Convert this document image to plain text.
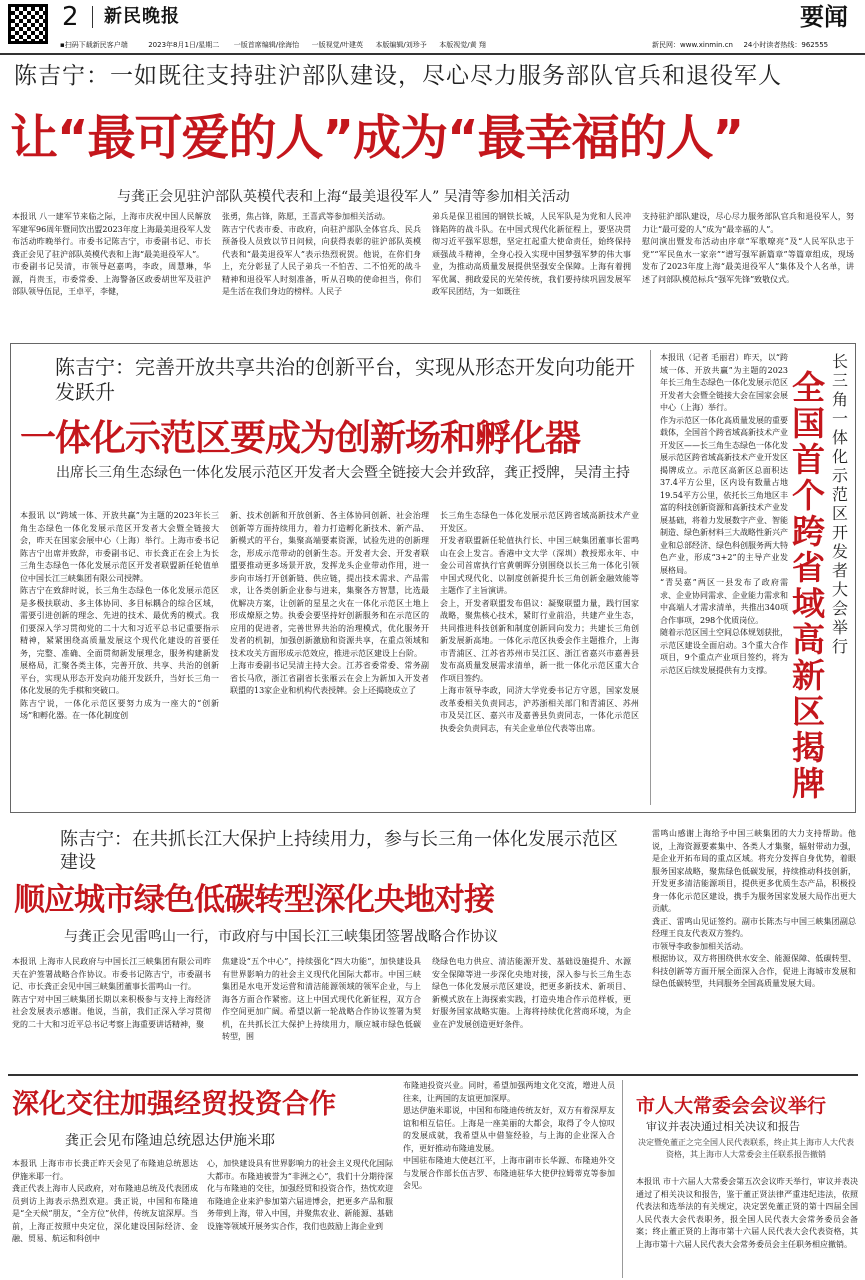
2 新民晚报	要闻
▪扫码下载新民客户端	2023年8月1日/星期二 一版首席编辑/徐海怡 一版视觉/叶建英 本版编辑/刘珍予 本版视觉/黄 翔	新民网：www.xinmin.cn 24小时读者热线：962555
陈吉宁：一如既往支持驻沪部队建设，尽心尽力服务部队官兵和退役军人
让“最可爱的人”成为“最幸福的人”
与龚正会见驻沪部队英模代表和上海“最美退役军人” 吴清等参加相关活动
本报讯 八一建军节来临之际，上海市庆祝中国人民解放军建军96周年暨同饮出盟2023年度上海最美退役军人发布活动昨晚举行。市委书记陈吉宁，市委副书记、市长龚正会见了驻沪部队英模代表和上海“最美退役军人”。
市委副书记吴清，市领导赵嘉鸣，李政，周慧琳，华源，肖贵玉，市委常委、上海警备区政委胡世军及驻沪部队领导伍昆，王卓平，李健，
张勇，焦占锋，陈愿，王喜武等参加相关活动。
陈吉宁代表市委、市政府，向驻沪部队全体官兵、民兵预备役人员致以节日问候，向获得表彰的驻沪部队英模代表和“最美退役军人”表示热烈祝贺。他说，在你们身上，充分彰显了人民子弟兵一不怕苦、二不怕死的战斗精神和退役军人时刻准备，听从召唤的使命担当，你们是生活在我们身边的榜样。人民子
弟兵是保卫祖国的钢铁长城，人民军队是为党和人民冲锋陷阵的战斗队。在中国式现代化新征程上，要坚决贯彻习近平强军思想，坚定扛起重大使命责任，始终保持顽强战斗精神，全身心投入实现中国梦强军梦的伟大事业，为推动高质量发展提供坚强安全保障。上海有着拥军优属、拥政爱民的光荣传统，我们要持续巩固发展军政军民团结，为一如既往
支持驻沪部队建设，尽心尽力服务部队官兵和退役军人，努力让“最可爱的人”成为“最幸福的人”。
慰问演出暨发布活动由序章“军歌嘹亮”及“人民军队忠于党”“军民鱼水一家亲”“谱写强军新篇章”等篇章组成，现场发布了2023年度上海“最美退役军人”集体及个人名单，讲述了问部队模范标兵“强军先锋”致敬仪式。
陈吉宁：完善开放共享共治的创新平台，实现从形态开发向功能开发跃升
一体化示范区要成为创新场和孵化器
出席长三角生态绿色一体化发展示范区开发者大会暨全链接大会并致辞，龚正授牌，吴清主持
本报讯 以“跨域一体、开放共赢”为主题的2023年长三角生态绿色一体化发展示范区开发者大会暨全链接大会，昨天在国家会展中心（上海）举行。上海市委书记陈吉宁出席并致辞，市委副书记、市长龚正在会上为长三角生态绿色一体化发展示范区开发者联盟新任轮值单位中国长江三峡集团有限公司授牌。
陈吉宁在致辞时说，长三角生态绿色一体化发展示范区是多极扶联动、多主体协同、多目标耦合的综合区域，需要引进创新的理念、先进的技术、最优秀的模式。我们要深入学习贯彻党的二十大和习近平总书记重要指示精神，紧紧围绕高质量发展这个现代化建设的首要任务，完整、准确、全面贯彻新发展理念，服务构建新发展格局，汇聚各类主体，完善开放、共享、共治的创新平台，实现从形态开发向功能开发跃升，当好长三角一体化发展的先手棋和突破口。
陈吉宁说，一体化示范区要努力成为一座大的“创新场”和孵化器。在一体化制度创
新、技术创新和开放创新、各主体协同创新、社会治理创新等方面持续用力，着力打造孵化新技术、新产品、新模式的平台，集聚高端要素资源，试验先进的创新理念，形成示范带动的创新生态。开发者大会、开发者联盟要推动更多场景开放，发挥龙头企业带动作用，进一步向市场打开创新链、供应链，提出技术需求、产品需求，让各类创新企业参与进来，集聚各方智慧，比选最优解决方案，让创新的星星之火在一体化示范区土地上形成燎原之势。执委会要坚持好创新服务和在示范区的应用的促进者，完善世界共治的治理模式，优化服务开发者的机制，加强创新激励和资源共享，在重点领域和技术攻关方面形成示范效应，推进示范区建设上台阶。
上海市委副书记吴清主持大会。江苏省委常委、常务副省长马欣，浙江省副省长张雁云在会上为新加入开发者联盟的13家企业和机构代表授牌。会上还揭晓成立了
长三角生态绿色一体化发展示范区跨省域高新技术产业开发区。
开发者联盟新任轮值执行长、中国三峡集团董事长雷鸣山在会上发言。香港中文大学（深圳）教授郑永年、中金公司首席执行官黄朝晖分别围绕以长三角一体化引领中国式现代化、以制度创新提升长三角创新金融效能等主题作了主旨演讲。
会上，开发者联盟发布倡议：凝聚联盟力量，践行国家战略，聚焦核心技术，紧盯行业前沿，共建产业生态，共同推进科技创新和制度创新同向发力；共建长三角创新发展新高地。一体化示范区执委会作主题推介，上海市青浦区、江苏省苏州市吴江区、浙江省嘉兴市嘉善县发布高质量发展需求清单，新一批一体化示范区重大合作项目签约。
上海市领导李政，同济大学党委书记方守恩，国家发展改革委相关负责同志，沪苏浙相关部门和青浦区、苏州市及吴江区、嘉兴市及嘉善县负责同志，一体化示范区执委会负责同志，有关企业单位代表等出席。
本报讯（记者 毛丽君）昨天，以“跨域一体、开放共赢”为主题的2023年长三角生态绿色一体化发展示范区开发者大会暨全链接大会在国家会展中心（上海）举行。
作为示范区一体化高质量发展的重要载体，全国首个跨省域高新技术产业开发区——长三角生态绿色一体化发展示范区跨省域高新技术产业开发区揭牌成立。示范区高新区总面积达37.4平方公里，区内设有数量占地19.54平方公里，依托长三角地区丰富的科技创新资源和高新技术产业发展基础，将着力发展数字产业、智能制造、绿色新材料三大战略性新兴产业和总部经济、绿色科创服务两大特色产业，形成“3+2”的主导产业发展格局。
“青吴嘉”两区一县发布了政府需求、企业协同需求、企业能力需求和中高端人才需求清单，共推出340项合作事项，298个优质岗位。
随着示范区国土空间总体规划获批，示范区建设全面启动。3个重大合作项目，9个重点产业项目签约，将为示范区后续发展提供有力支撑。
全国首个跨省域高新区揭牌
长三角一体化示范区开发者大会举行
陈吉宁：在共抓长江大保护上持续用力，参与长三角一体化发展示范区建设
顺应城市绿色低碳转型深化央地对接
与龚正会见雷鸣山一行，市政府与中国长江三峡集团签署战略合作协议
本报讯 上海市人民政府与中国长江三峡集团有限公司昨天在沪签署战略合作协议。市委书记陈吉宁，市委副书记、市长龚正会见中国三峡集团董事长雷鸣山一行。
陈吉宁对中国三峡集团长期以来积极参与支持上海经济社会发展表示感谢。他说，当前，我们正深入学习贯彻党的二十大和习近平总书记考察上海重要讲话精神，聚
焦建设“五个中心”，持续强化“四大功能”，加快建设具有世界影响力的社会主义现代化国际大都市。中国三峡集团是水电开发运营和清洁能源领域的领军企业，与上海各方面合作紧密。这上中国式现代化新征程，双方合作空间更加广阔。希望以新一轮战略合作协议签署为契机，在共抓长江大保护上持续用力，顺应城市绿色低碳转型，围
绕绿色电力供应、清洁能源开发、基础设施提升、水源安全保障等进一步深化央地对接，深入参与长三角生态绿色一体化发展示范区建设，把更多新技术、新项目、新模式放在上海探索实践，打造央地合作示范样板，更好服务国家战略实施。上海将持续优化营商环境，为企业在沪发展创造更好条件。
雷鸣山感谢上海给予中国三峡集团的大力支持帮助。他说，上海资源要素集中、各类人才集聚，辐射带动力强，是企业开拓布局的重点区域。将充分发挥自身优势，着眼服务国家战略，聚焦绿色低碳发展，持续推动科技创新，开发更多清洁能源项目，提供更多优质生态产品，积极投身一体化示范区建设，携手为服务国家发展大局作出更大贡献。
龚正、雷鸣山见证签约。副市长陈杰与中国三峡集团副总经理王良友代表双方签约。
市领导李政参加相关活动。
根据协议，双方将围绕供水安全、能源保障、低碳转型、科技创新等方面开展全面深入合作，促进上海城市发展和绿色低碳转型，共同服务全国高质量发展大局。
深化交往加强经贸投资合作
龚正会见布隆迪总统恩达伊施米耶
本报讯 上海市市长龚正昨天会见了布隆迪总统恩达伊施米耶一行。
龚正代表上海市人民政府，对布隆迪总统及代表团成员到访上海表示热烈欢迎。龚正说，中国和布隆迪是“全天候”朋友，“全方位”伙伴，传统友谊深厚。当前，上海正按照中央定位，深化建设国际经济、金融、贸易、航运和科创中
心，加快建设具有世界影响力的社会主义现代化国际大都市。布隆迪被誉为“非洲之心”，我们十分期待深化与布隆迪的交往，加强经贸和投资合作，热忱欢迎布隆迪企业来沪参加第六届进博会，把更多产品和服务带到上海，带入中国，并聚焦农业、新能源、基础设施等领域开展务实合作，我们也鼓励上海企业到
布隆迪投资兴业。同时，希望加强两地文化交流，增进人员往来，让两国的友谊更加深厚。
恩达伊施米耶说，中国和布隆迪传统友好，双方有着深厚友谊和相互信任。上海是一座美丽的大都会，取得了令人惊叹的发展成就，我希望从中借鉴经验，与上海的企业深入合作，更好推动布隆迪发展。
中国驻布隆迪大使赵江平，上海市副市长华源、布隆迪外交与发展合作部长伍吉罗、布隆迪驻华大使伊拉姆蒂克等参加会见。
市人大常委会会议举行
审议并表决通过相关决议和报告
决定暨免董正之完全国人民代表联系，终止其上海市人大代表资格，其上海市人大常委会主任联系报告撤销
本报讯 市十六届人大常委会第五次会议昨天举行，审议并表决通过了相关决议和报告，鉴于董正贤法律严重违纪违法，依照代表法和选举法的有关规定，决定罢免董正贤的第十四届全国人民代表大会代表职务，报全国人民代表大会常务委员会备案；终止董正贤的上海市第十六届人民代表大会代表资格，其上海市第十六届人民代表大会常务委员会主任职务相应撤销。
